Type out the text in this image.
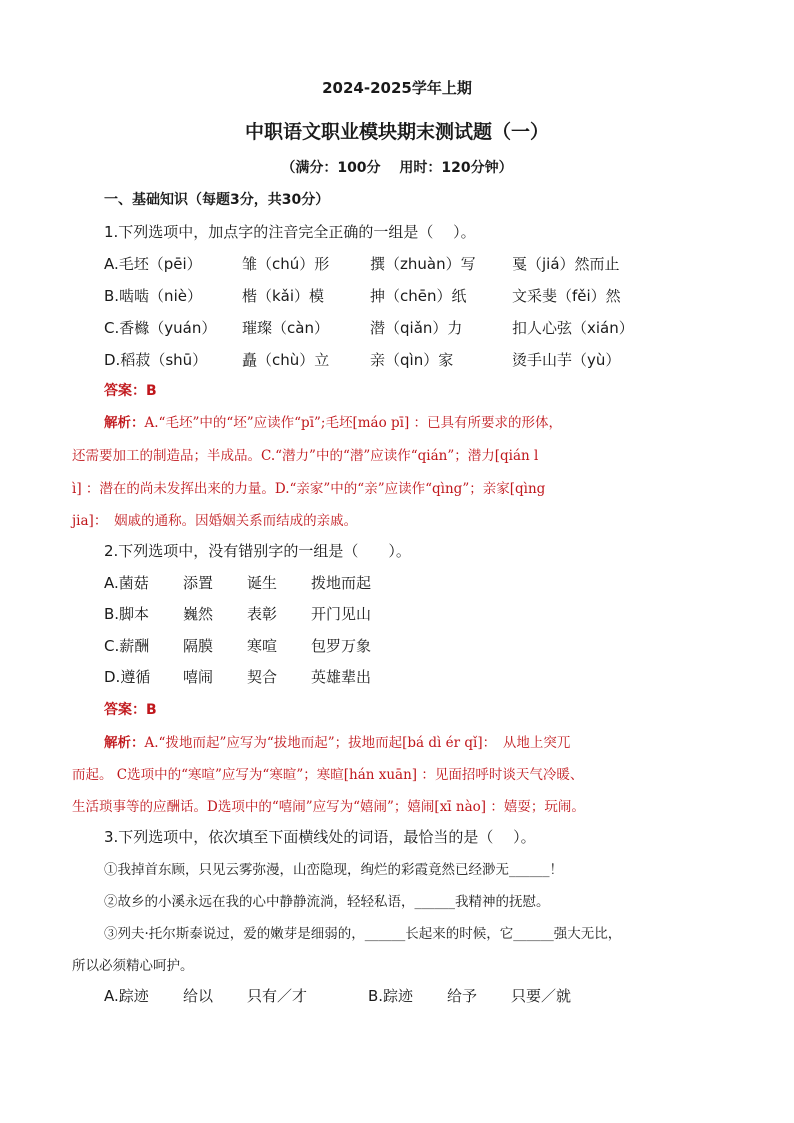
2024-2025学年上期
中职语文职业模块期末测试题（一）
（满分：100分　 用时：120分钟）
一、基础知识（每题3分，共30分）
1.下列选项中，加点字的注音完全正确的一组是（　 ）。
A.毛坯（pēi）	雏（chú）形	撰（zhuàn）写 戛（jiá）然而止
B.啮啮（niè）	楷（kǎi）模	抻（chēn）纸	文采斐（fěi）然
C.香櫞（yuán） 璀璨（càn）	潜（qiǎn）力	扣人心弦（xián）
D.稻菽（shū） 矗（chù）立	亲（qìn）家	烫手山芋（yù）
答案：B
解析：A.“毛坯”中的“坯”应读作“pī”;毛坯[máo pī] ：已具有所要求的形体，
还需要加工的制造品；半成品。C.“潜力”中的“潜”应读作“qián”；潜力[qián l
ì] ：潜在的尚未发挥出来的力量。D.“亲家”中的“亲”应读作“qìng”；亲家[qìng
jia]：　姻戚的通称。因婚姻关系而结成的亲戚。
2.下列选项中，没有错别字的一组是（　　）。
A.菌菇 添置 诞生 拨地而起
B.脚本 巍然 表彰 开门见山
C.薪酬 隔膜 寒喧 包罗万象
D.遵循 嘻闹 契合 英雄辈出
答案：B
解析：A.“拨地而起”应写为“拔地而起”；拔地而起[bá dì ér qǐ]：　从地上突兀
而起。 C选项中的“寒喧”应写为“寒暄”；寒暄[hán xuān] ：见面招呼时谈天气冷暖、
生活琐事等的应酬话。D选项中的“嘻闹”应写为“嬉闹”；嬉闹[xī nào] ：嬉耍；玩闹。
3.下列选项中，依次填至下面横线处的词语，最恰当的是（　 ）。
①我掉首东顾，只见云雾弥漫，山峦隐现，绚烂的彩霞竟然已经渺无______！
②故乡的小溪永远在我的心中静静流淌，轻轻私语，______我精神的抚慰。
③列夫·托尔斯泰说过，爱的嫩芽是细弱的，______长起来的时候，它______强大无比，
所以必须精心呵护。
A.踪迹 给以 只有／才	B.踪迹 给予 只要／就
